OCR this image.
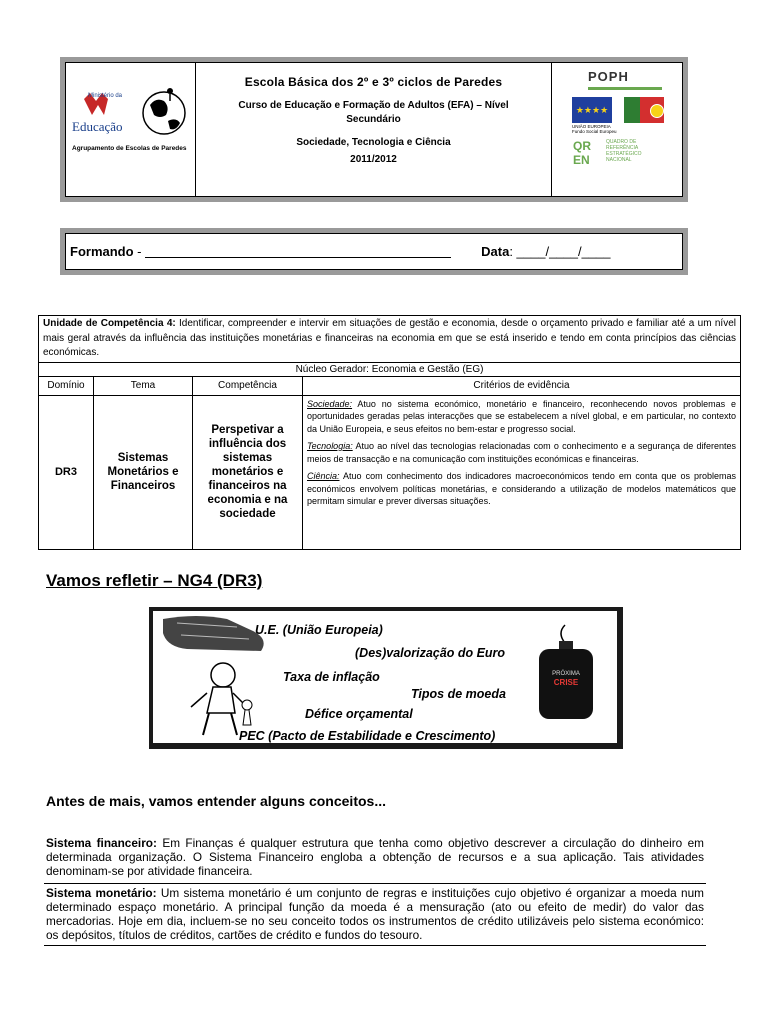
Ministério da
Educação
Agrupamento de Escolas de Paredes
Escola Básica dos 2º e 3º ciclos de Paredes
Curso de Educação e Formação de Adultos (EFA) – Nível Secundário
Sociedade, Tecnologia e Ciência
2011/2012
POPH
★★★★
UNIÃO EUROPEIA Fundo Social Europeu
QR
EN
QUADRO DE REFERÊNCIA ESTRATÉGICO NACIONAL
Formando -	Data : ____/____/____
Unidade de Competência 4: Identificar, compreender e intervir em situações de gestão e economia, desde o orçamento privado e familiar até a um nível mais geral através da influência das instituições monetárias e financeiras na economia em que se está inserido e tendo em conta princípios das ciências económicas.			
Núcleo Gerador: Economia e Gestão (EG)			
Domínio	Tema	Competência	Critérios de evidência
DR3	Sistemas Monetários e Financeiros	Perspetivar a influência dos sistemas monetários e financeiros na economia e na sociedade	Sociedade: Atuo no sistema económico, monetário e financeiro, reconhecendo novos problemas e oportunidades geradas pelas interacções que se estabelecem a nível global, e em particular, no contexto da União Europeia, e seus efeitos no bem-estar e progresso social.

Tecnologia: Atuo ao nível das tecnologias relacionadas com o conhecimento e a segurança de diferentes meios de transacção e na comunicação com instituições económicas e financeiras.

Ciência: Atuo com conhecimento dos indicadores macroeconómicos tendo em conta que os problemas económicos envolvem políticas monetárias, e considerando a utilização de modelos matemáticos que permitam simular e prever diversas situações.

Vamos refletir – NG4 (DR3)
U.E. (União Europeia)
(Des)valorização do Euro
Taxa de inflação
Tipos de moeda
Défice orçamental
PEC (Pacto de Estabilidade e Crescimento)
PRÓXIMA
CRISE
Antes de mais, vamos entender alguns conceitos...
Sistema financeiro: Em Finanças é qualquer estrutura que tenha como objetivo descrever a circulação do dinheiro em determinada organização. O Sistema Financeiro engloba a obtenção de recursos e a sua aplicação. Tais atividades denominam-se por atividade financeira.
Sistema monetário: Um sistema monetário é um conjunto de regras e instituições cujo objetivo é organizar a moeda num determinado espaço monetário. A principal função da moeda é a mensuração (ato ou efeito de medir) do valor das mercadorias. Hoje em dia, incluem-se no seu conceito todos os instrumentos de crédito utilizáveis pelo sistema económico: os depósitos, títulos de créditos, cartões de crédito e fundos do tesouro.
